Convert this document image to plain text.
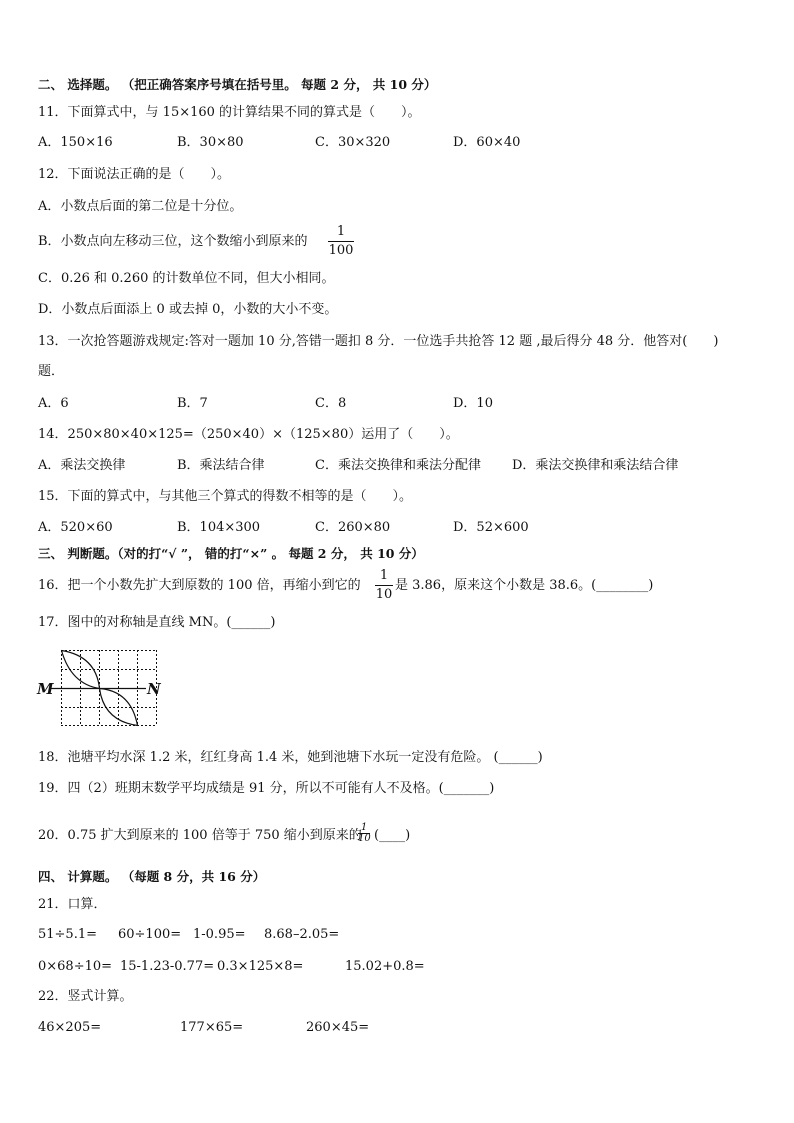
二、 选择题。 （把正确答案序号填在括号里。 每题 2 分， 共 10 分）
11．下面算式中，与 15×160 的计算结果不同的算式是（　　）。
A．150×16	B．30×80	C．30×320	D．60×40
12．下面说法正确的是（　　）。
A．小数点后面的第二位是十分位。
B．小数点向左移动三位，这个数缩小到原来的
1
100
C．0.26 和 0.260 的计数单位不同，但大小相同。
D．小数点后面添上 0 或去掉 0，小数的大小不变。
13．一次抢答题游戏规定:答对一题加 10 分,答错一题扣 8 分．一位选手共抢答 12 题 ,最后得分 48 分．他答对(　　)
题．
A．6	B．7	C．8	D．10
14．250×80×40×125=（250×40）×（125×80）运用了（　　）。
A．乘法交换律	B．乘法结合律	C．乘法交换律和乘法分配律 D．乘法交换律和乘法结合律
15．下面的算式中，与其他三个算式的得数不相等的是（　　）。
A．520×60	B．104×300	C．260×80	D．52×600
三、 判断题。（对的打“√ ”， 错的打“×” 。 每题 2 分， 共 10 分）
16．把一个小数先扩大到原数的 100 倍，再缩小到它的
1
10
是 3.86，原来这个小数是 38.6。(________)
17．图中的对称轴是直线 MN。(______)
M	N
18．池塘平均水深 1.2 米，红红身高 1.4 米，她到池塘下水玩一定没有危险。 (______)
19．四（2）班期末数学平均成绩是 91 分，所以不可能有人不及格。(_______)
20．0.75 扩大到原来的 100 倍等于 750 缩小到原来的
1
10 (____)
四、 计算题。 （每题 8 分，共 16 分）
21．口算．
51÷5.1= 60÷100= 1-0.95= 8.68–2.05=
0×68÷10= 15-1.23-0.77= 0.3×125×8=	15.02+0.8=
22．竖式计算。
46×205=	177×65=	260×45=
